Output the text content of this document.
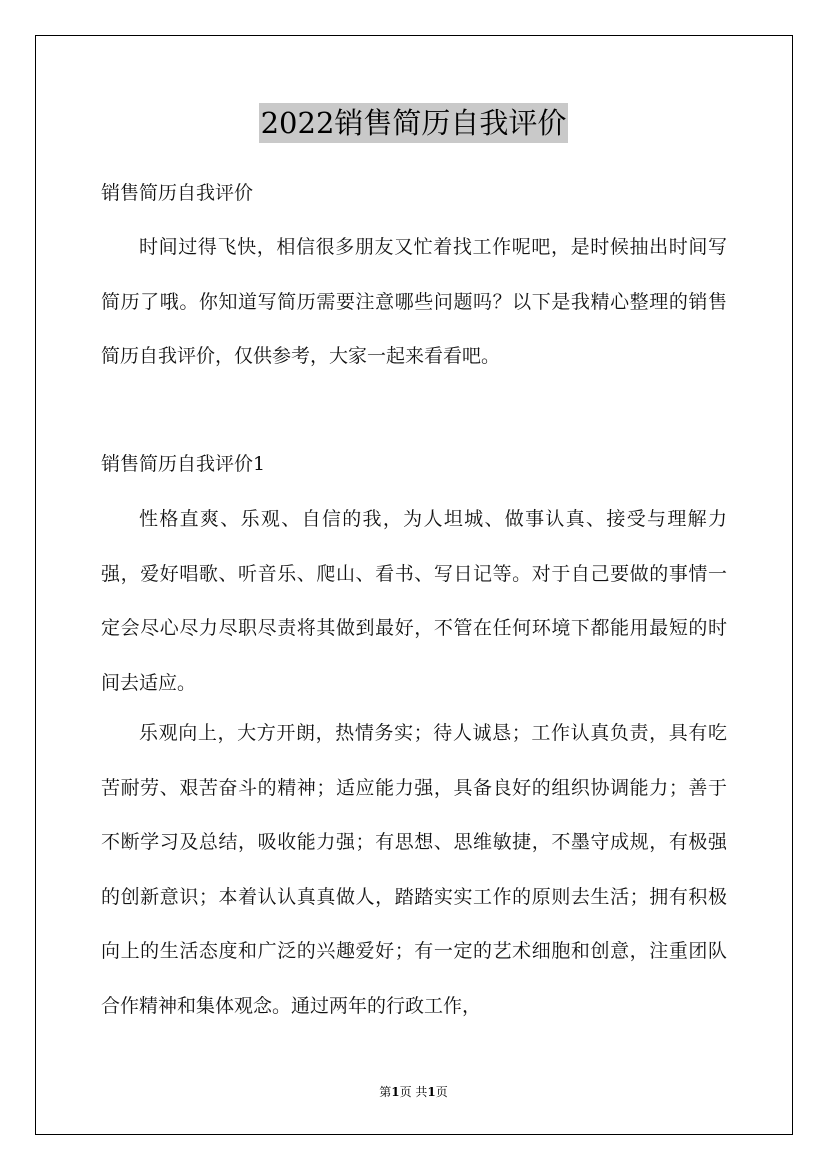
2022销售简历自我评价

销售简历自我评价

时间过得飞快，相信很多朋友又忙着找工作呢吧，是时候抽出时间写简历了哦。你知道写简历需要注意哪些问题吗？以下是我精心整理的销售简历自我评价，仅供参考，大家一起来看看吧。

销售简历自我评价1

性格直爽、乐观、自信的我，为人坦城、做事认真、接受与理解力强，爱好唱歌、听音乐、爬山、看书、写日记等。对于自己要做的事情一定会尽心尽力尽职尽责将其做到最好，不管在任何环境下都能用最短的时间去适应。

乐观向上，大方开朗，热情务实；待人诚恳；工作认真负责，具有吃苦耐劳、艰苦奋斗的精神；适应能力强，具备良好的组织协调能力；善于不断学习及总结，吸收能力强；有思想、思维敏捷，不墨守成规，有极强的创新意识；本着认认真真做人，踏踏实实工作的原则去生活；拥有积极向上的生活态度和广泛的兴趣爱好；有一定的艺术细胞和创意，注重团队合作精神和集体观念。通过两年的行政工作，

第1页 共1页
